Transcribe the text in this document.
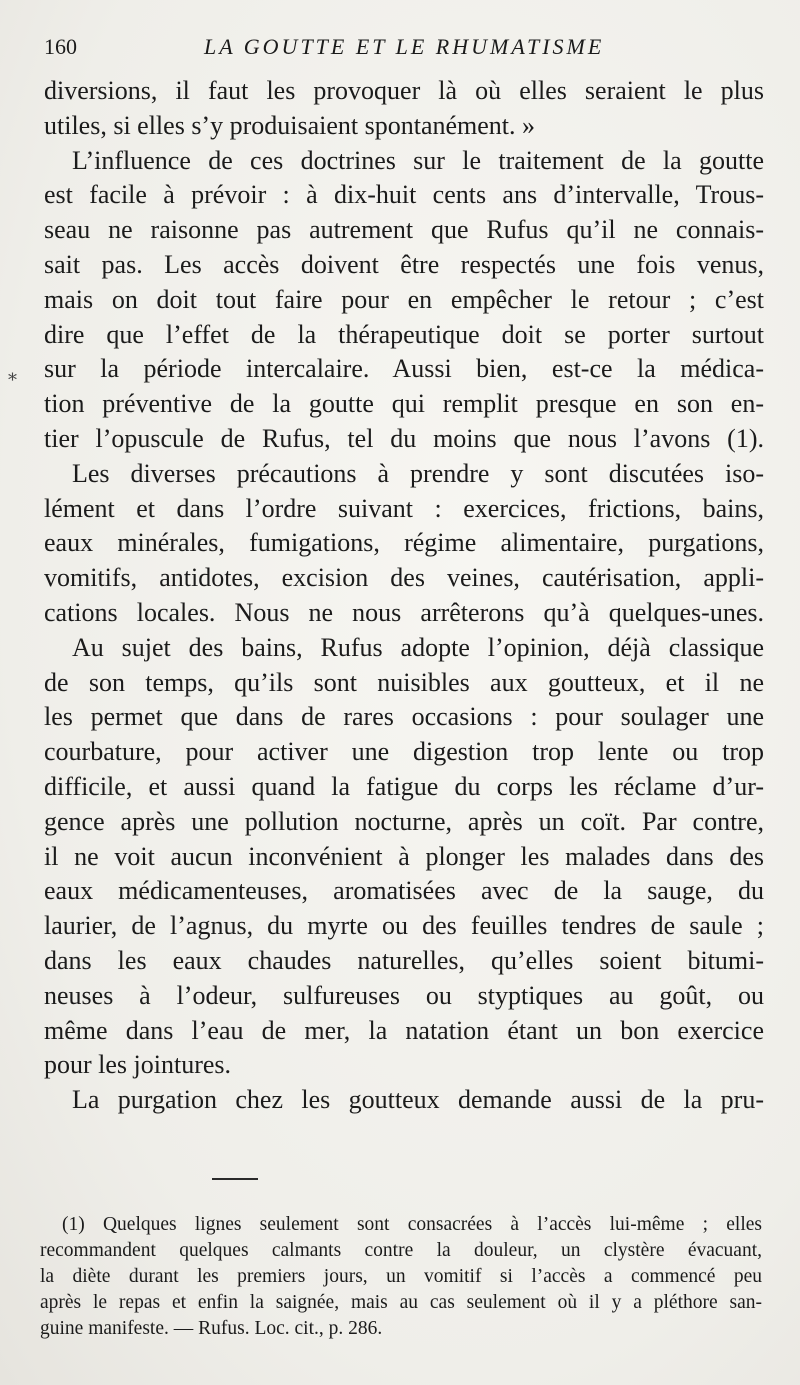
160	LA GOUTTE ET LE RHUMATISME
*
diversions, il faut les provoquer là où elles seraient le plus
utiles, si elles s’y produisaient spontanément. »
L’influence de ces doctrines sur le traitement de la goutte
est facile à prévoir : à dix-huit cents ans d’intervalle, Trous-
seau ne raisonne pas autrement que Rufus qu’il ne connais-
sait pas. Les accès doivent être respectés une fois venus,
mais on doit tout faire pour en empêcher le retour ; c’est
dire que l’effet de la thérapeutique doit se porter surtout
sur la période intercalaire. Aussi bien, est-ce la médica-
tion préventive de la goutte qui remplit presque en son en-
tier l’opuscule de Rufus, tel du moins que nous l’avons (1).
Les diverses précautions à prendre y sont discutées iso-
lément et dans l’ordre suivant : exercices, frictions, bains,
eaux minérales, fumigations, régime alimentaire, purgations,
vomitifs, antidotes, excision des veines, cautérisation, appli-
cations locales. Nous ne nous arrêterons qu’à quelques-unes.
Au sujet des bains, Rufus adopte l’opinion, déjà classique
de son temps, qu’ils sont nuisibles aux goutteux, et il ne
les permet que dans de rares occasions : pour soulager une
courbature, pour activer une digestion trop lente ou trop
difficile, et aussi quand la fatigue du corps les réclame d’ur-
gence après une pollution nocturne, après un coït. Par contre,
il ne voit aucun inconvénient à plonger les malades dans des
eaux médicamenteuses, aromatisées avec de la sauge, du
laurier, de l’agnus, du myrte ou des feuilles tendres de saule ;
dans les eaux chaudes naturelles, qu’elles soient bitumi-
neuses à l’odeur, sulfureuses ou styptiques au goût, ou
même dans l’eau de mer, la natation étant un bon exercice
pour les jointures.
La purgation chez les goutteux demande aussi de la pru-
(1) Quelques lignes seulement sont consacrées à l’accès lui-même ; elles
recommandent quelques calmants contre la douleur, un clystère évacuant,
la diète durant les premiers jours, un vomitif si l’accès a commencé peu
après le repas et enfin la saignée, mais au cas seulement où il y a pléthore san-
guine manifeste. — Rufus. Loc. cit., p. 286.
